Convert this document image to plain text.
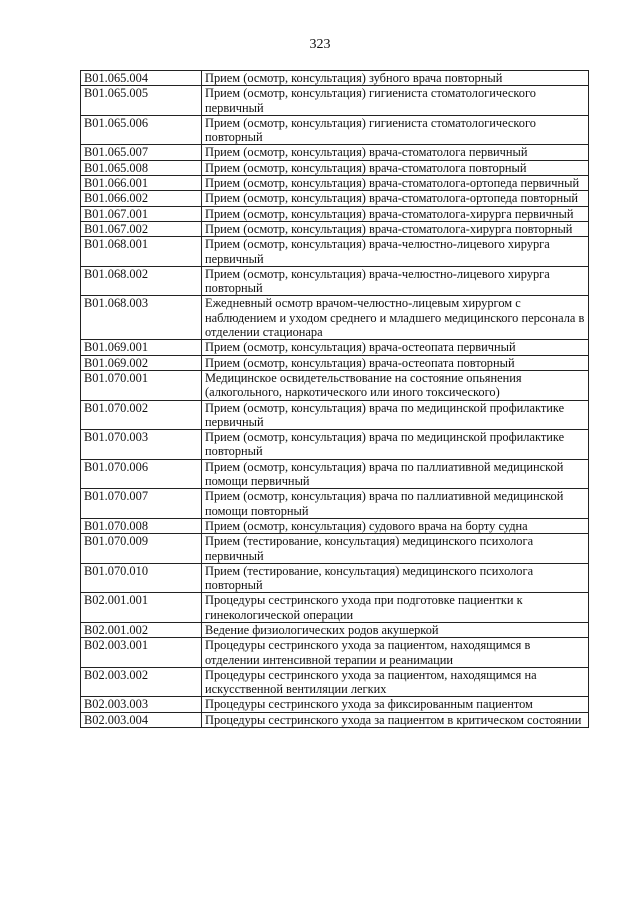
323
B01.065.004	Прием (осмотр, консультация) зубного врача повторный
B01.065.005	Прием (осмотр, консультация) гигиениста стоматологического первичный
B01.065.006	Прием (осмотр, консультация) гигиениста стоматологического повторный
B01.065.007	Прием (осмотр, консультация) врача-стоматолога первичный
B01.065.008	Прием (осмотр, консультация) врача-стоматолога повторный
B01.066.001	Прием (осмотр, консультация) врача-стоматолога-ортопеда первичный
B01.066.002	Прием (осмотр, консультация) врача-стоматолога-ортопеда повторный
B01.067.001	Прием (осмотр, консультация) врача-стоматолога-хирурга первичный
B01.067.002	Прием (осмотр, консультация) врача-стоматолога-хирурга повторный
B01.068.001	Прием (осмотр, консультация) врача-челюстно-лицевого хирурга первичный
B01.068.002	Прием (осмотр, консультация) врача-челюстно-лицевого хирурга повторный
B01.068.003	Ежедневный осмотр врачом-челюстно-лицевым хирургом с наблюдением и уходом среднего и младшего медицинского персонала в отделении стационара
B01.069.001	Прием (осмотр, консультация) врача-остеопата первичный
B01.069.002	Прием (осмотр, консультация) врача-остеопата повторный
B01.070.001	Медицинское освидетельствование на состояние опьянения (алкогольного, наркотического или иного токсического)
B01.070.002	Прием (осмотр, консультация) врача по медицинской профилактике первичный
B01.070.003	Прием (осмотр, консультация) врача по медицинской профилактике повторный
B01.070.006	Прием (осмотр, консультация) врача по паллиативной медицинской помощи первичный
B01.070.007	Прием (осмотр, консультация) врача по паллиативной медицинской помощи повторный
B01.070.008	Прием (осмотр, консультация) судового врача на борту судна
B01.070.009	Прием (тестирование, консультация) медицинского психолога первичный
B01.070.010	Прием (тестирование, консультация) медицинского психолога повторный
B02.001.001	Процедуры сестринского ухода при подготовке пациентки к гинекологической операции
B02.001.002	Ведение физиологических родов акушеркой
B02.003.001	Процедуры сестринского ухода за пациентом, находящимся в отделении интенсивной терапии и реанимации
B02.003.002	Процедуры сестринского ухода за пациентом, находящимся на искусственной вентиляции легких
B02.003.003	Процедуры сестринского ухода за фиксированным пациентом
B02.003.004	Процедуры сестринского ухода за пациентом в критическом состоянии
